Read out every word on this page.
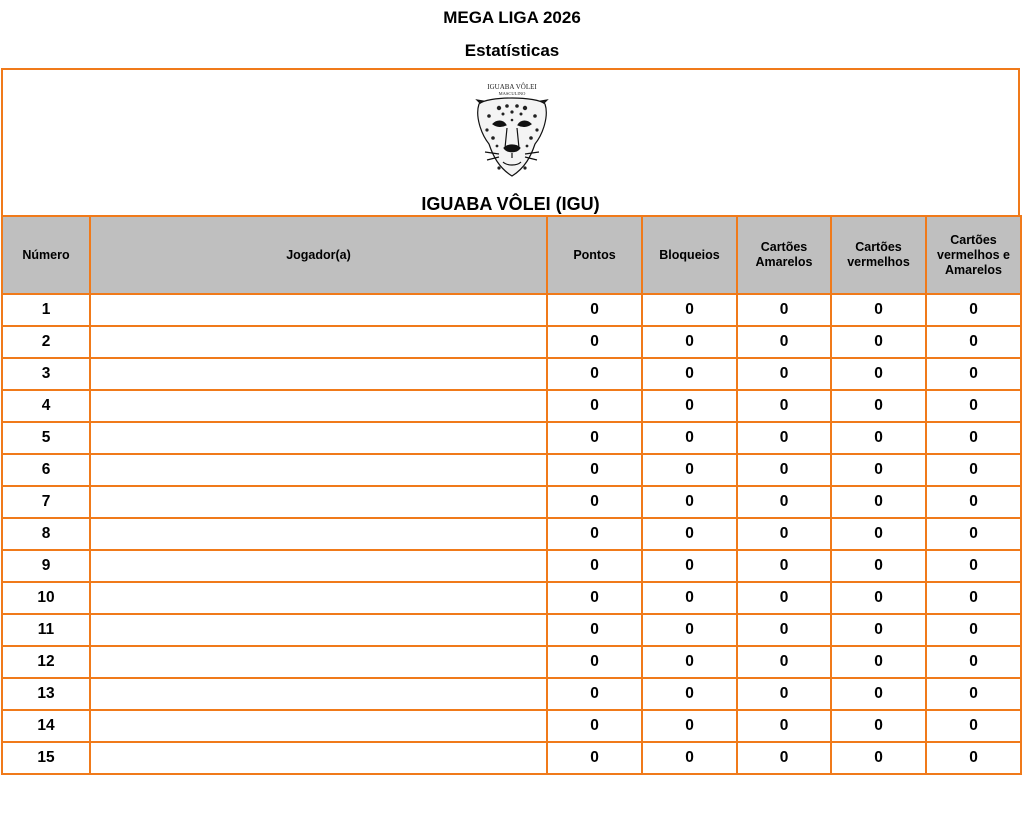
MEGA LIGA 2026
Estatísticas
IGUABA VÔLEI
MASCULINO
IGUABA VÔLEI (IGU)
Número	Jogador(a)	Pontos	Bloqueios	Cartões Amarelos	Cartões vermelhos	Cartões vermelhos e Amarelos
1		0	0	0	0	0
2		0	0	0	0	0
3		0	0	0	0	0
4		0	0	0	0	0
5		0	0	0	0	0
6		0	0	0	0	0
7		0	0	0	0	0
8		0	0	0	0	0
9		0	0	0	0	0
10		0	0	0	0	0
11		0	0	0	0	0
12		0	0	0	0	0
13		0	0	0	0	0
14		0	0	0	0	0
15		0	0	0	0	0
